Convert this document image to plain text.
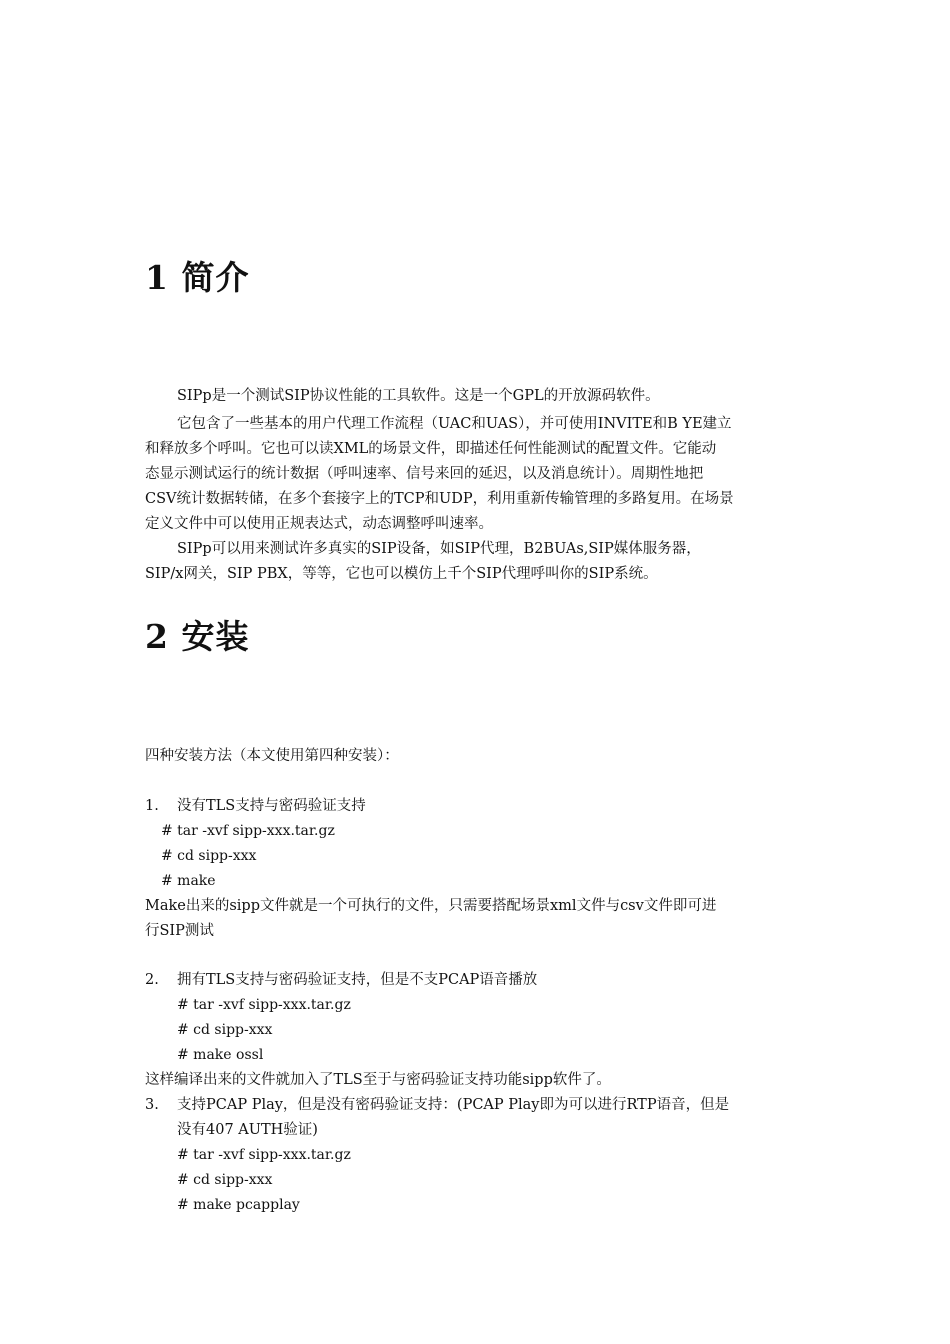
1 简介

SIPp是一个测试SIP协议性能的工具软件。这是一个GPL的开放源码软件。

它包含了一些基本的用户代理工作流程（UAC和UAS），并可使用INVITE和B YE建立

和释放多个呼叫。它也可以读XML的场景文件，即描述任何性能测试的配置文件。它能动

态显示测试运行的统计数据（呼叫速率、信号来回的延迟，以及消息统计）。周期性地把

CSV统计数据转储，在多个套接字上的TCP和UDP，利用重新传输管理的多路复用。在场景

定义文件中可以使用正规表达式，动态调整呼叫速率。

SIPp可以用来测试许多真实的SIP设备，如SIP代理，B2BUAs,SIP媒体服务器，

SIP/x网关，SIP PBX，等等，它也可以模仿上千个SIP代理呼叫你的SIP系统。

2 安装

四种安装方法（本文使用第四种安装）：

1. 没有TLS支持与密码验证支持

# tar -xvf sipp-xxx.tar.gz

# cd sipp-xxx

# make

Make出来的sipp文件就是一个可执行的文件，只需要搭配场景xml文件与csv文件即可进

行SIP测试

2. 拥有TLS支持与密码验证支持，但是不支PCAP语音播放

# tar -xvf sipp-xxx.tar.gz

# cd sipp-xxx

# make ossl

这样编译出来的文件就加入了TLS至于与密码验证支持功能sipp软件了。

3. 支持PCAP Play，但是没有密码验证支持：(PCAP Play即为可以进行RTP语音，但是

没有407 AUTH验证)

# tar -xvf sipp-xxx.tar.gz

# cd sipp-xxx

# make pcapplay
